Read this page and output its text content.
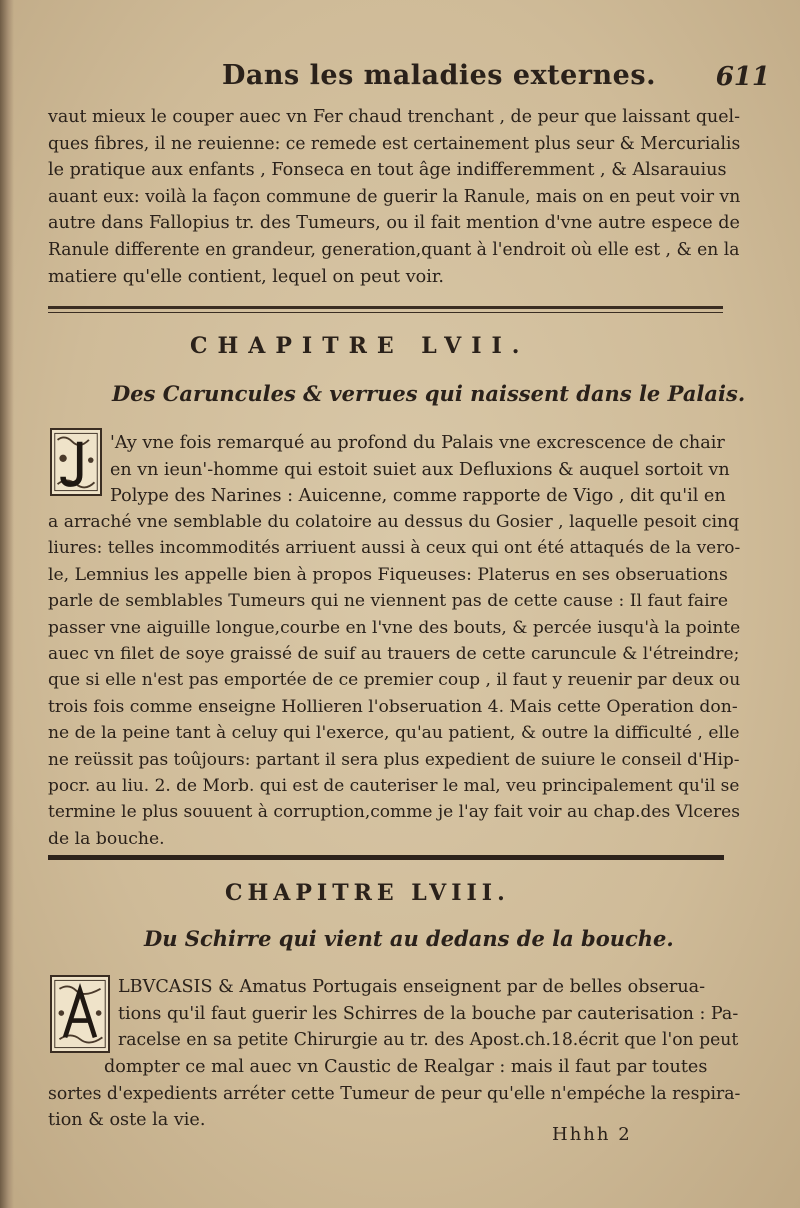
Dans les maladies externes. 611
vaut mieux le couper auec vn Fer chaud trenchant , de peur que laissant quel-
ques fibres, il ne reuienne: ce remede est certainement plus seur & Mercurialis
le pratique aux enfants , Fonseca en tout âge indifferemment , & Alsarauius
auant eux: voilà la façon commune de guerir la Ranule, mais on en peut voir vn
autre dans Fallopius tr. des Tumeurs, ou il fait mention d'vne autre espece de
Ranule differente en grandeur, generation,quant à l'endroit où elle est , & en la
matiere qu'elle contient, lequel on peut voir.
CHAPITRE LVII.
Des Caruncules & verrues qui naissent dans le Palais.
'Ay vne fois remarqué au profond du Palais vne excrescence de chair
en vn ieun'-homme qui estoit suiet aux Defluxions & auquel sortoit vn
Polype des Narines : Auicenne, comme rapporte de Vigo , dit qu'il en
a arraché vne semblable du colatoire au dessus du Gosier , laquelle pesoit cinq
liures: telles incommodités arriuent aussi à ceux qui ont été attaqués de la vero-
le, Lemnius les appelle bien à propos Fiqueuses: Platerus en ses obseruations
parle de semblables Tumeurs qui ne viennent pas de cette cause : Il faut faire
passer vne aiguille longue,courbe en l'vne des bouts, & percée iusqu'à la pointe
auec vn filet de soye graissé de suif au trauers de cette caruncule & l'étreindre;
que si elle n'est pas emportée de ce premier coup , il faut y reuenir par deux ou
trois fois comme enseigne Hollieren l'obseruation 4. Mais cette Operation don-
ne de la peine tant à celuy qui l'exerce, qu'au patient, & outre la difficulté , elle
ne reüssit pas toûjours: partant il sera plus expedient de suiure le conseil d'Hip-
pocr. au liu. 2. de Morb. qui est de cauteriser le mal, veu principalement qu'il se
termine le plus souuent à corruption,comme je l'ay fait voir au chap.des Vlceres
de la bouche.
CHAPITRE LVIII.
Du Schirre qui vient au dedans de la bouche.
LBVCASIS & Amatus Portugais enseignent par de belles obserua-
tions qu'il faut guerir les Schirres de la bouche par cauterisation : Pa-
racelse en sa petite Chirurgie au tr. des Apost.ch.18.écrit que l'on peut
dompter ce mal auec vn Caustic de Realgar : mais il faut par toutes
sortes d'expedients arréter cette Tumeur de peur qu'elle n'empéche la respira-
tion & oste la vie.
Hhhh 2
